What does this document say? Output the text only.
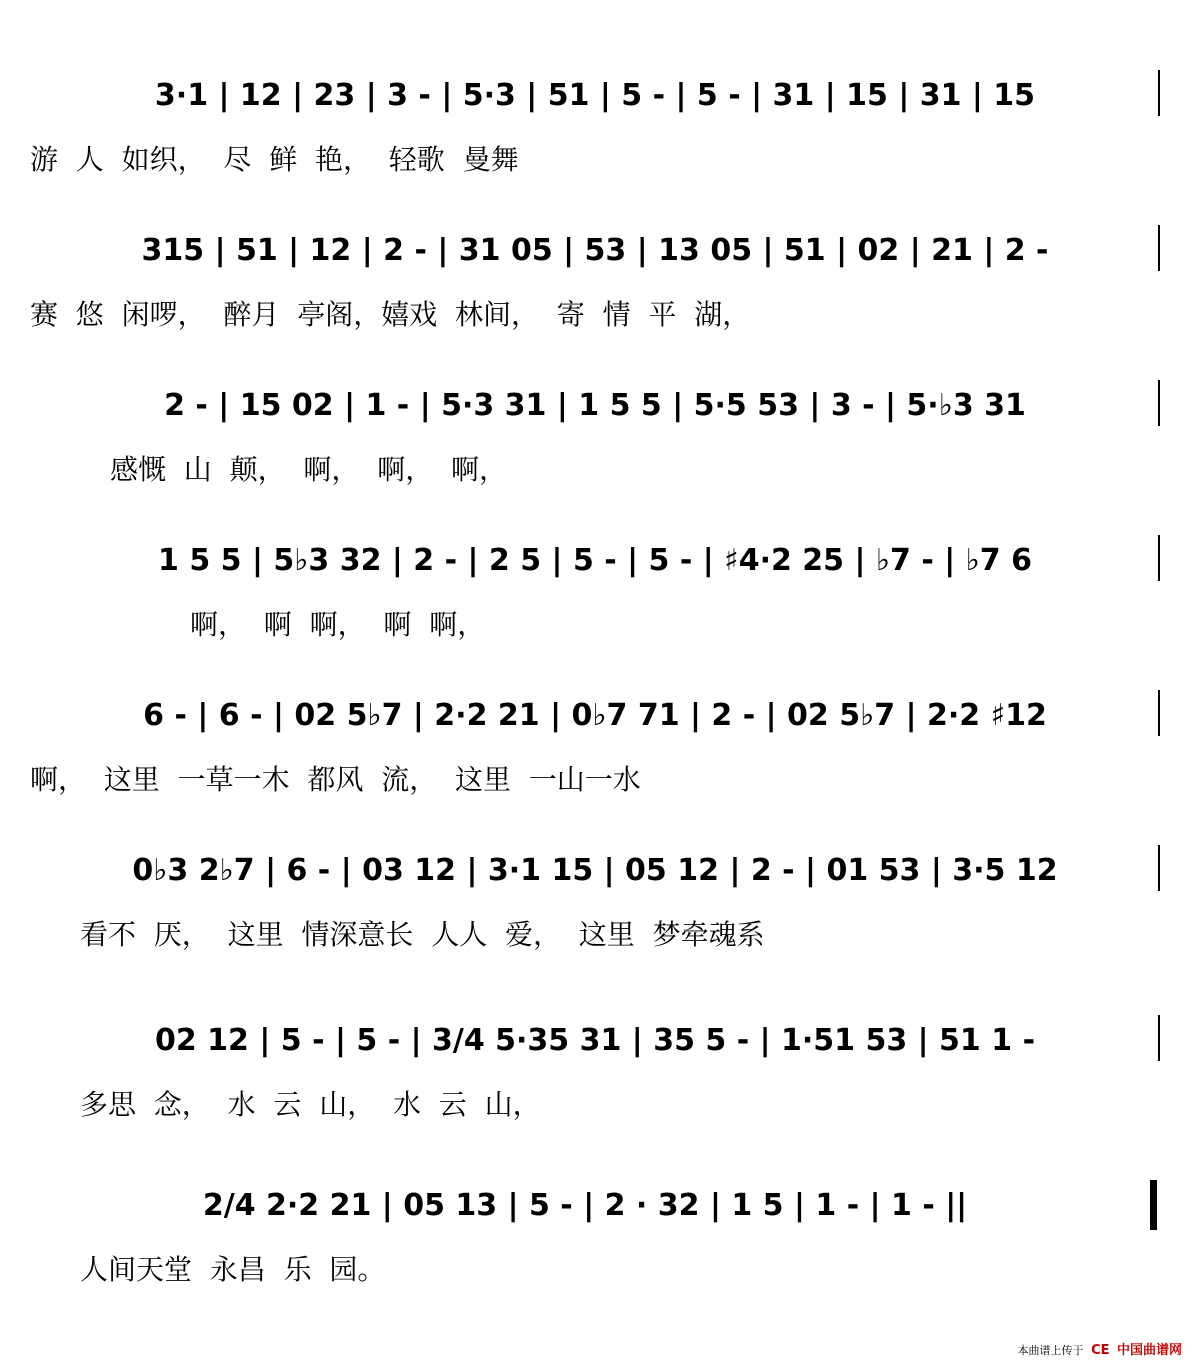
3·1 | 12 | 23 | 3 - | 5·3 | 51 | 5 - | 5 - | 31 | 15 | 31 | 15
游  人  如织，  尽  鲜  艳，  轻歌  曼舞
315 | 51 | 12 | 2 - | 31 05 | 53 | 13 05 | 51 | 02 | 21 | 2 -
赛  悠  闲啰，  醉月  亭阁，嬉戏  林间，  寄  情  平  湖，
2 - | 15 02 | 1 - | 5·3 31 | 1 5 5 | 5·5 53 | 3 - | 5·♭3 31
感慨  山  颠，  啊，  啊，  啊，
1 5 5 | 5♭3 32 | 2 - | 2 5 | 5 - | 5 - | ♯4·2 25 | ♭7 - | ♭7 6
啊，  啊  啊，  啊  啊，
6 - | 6 - | 02 5♭7 | 2·2 21 | 0♭7 71 | 2 - | 02 5♭7 | 2·2 ♯12
啊，  这里  一草一木  都风  流，  这里  一山一水
0♭3 2♭7 | 6 - | 03 12 | 3·1 15 | 05 12 | 2 - | 01 53 | 3·5 12
看不  厌，  这里  情深意长  人人  爱，  这里  梦牵魂系
02 12 | 5 - | 5 - | 3/4 5·35 31 | 35 5 - | 1·51 53 | 51 1 -
多思  念，  水  云  山，  水  云  山，
2/4 2·2 21 | 05 13 | 5 - | 2 · 32 | 1 5 | 1 - | 1 - ||
人间天堂  永昌  乐  园。
本曲谱上传于 CE 中国曲谱网
